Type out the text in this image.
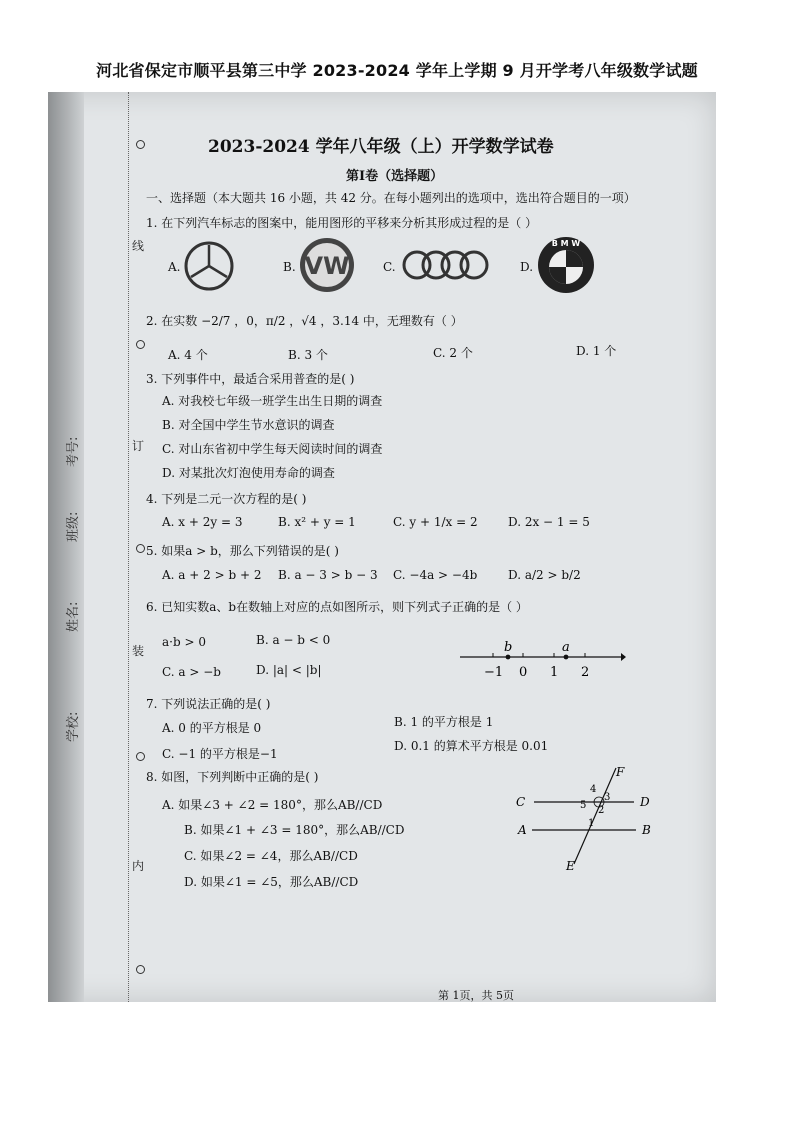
河北省保定市顺平县第三中学 2023-2024 学年上学期 9 月开学考八年级数学试题
线
订
装
内
学校:
姓名:
班级:
考号:
2023-2024 学年八年级（上）开学数学试卷
第Ⅰ卷（选择题）
一、选择题（本大题共 16 小题，共 42 分。在每小题列出的选项中，选出符合题目的一项）
1. 在下列汽车标志的图案中，能用图形的平移来分析其形成过程的是（ ）
A.	B. VW	C.	D.
B M W
2. 在实数 −2/7 ，0，π/2 ，√4 ，3.14 中，无理数有（ ）
A. 4 个	B. 3 个	C. 2 个	D. 1 个
3. 下列事件中，最适合采用普查的是( )
A. 对我校七年级一班学生出生日期的调查
B. 对全国中学生节水意识的调查
C. 对山东省初中学生每天阅读时间的调查
D. 对某批次灯泡使用寿命的调查
4. 下列是二元一次方程的是( )
A. x + 2y = 3	B. x² + y = 1	C. y + 1/x = 2	D. 2x − 1 = 5
5. 如果a > b，那么下列错误的是( )
A. a + 2 > b + 2 B. a − 3 > b − 3 C. −4a > −4b	D. a/2 > b/2
6. 已知实数a、b在数轴上对应的点如图所示，则下列式子正确的是（ ）
a·b > 0	B. a − b < 0
C. a > −b	D. |a| < |b|
b	a
−1 0 1 2
7. 下列说法正确的是( )
A. 0 的平方根是 0	B. 1 的平方根是 1
C. −1 的平方根是−1
D. 0.1 的算术平方根是 0.01
8. 如图，下列判断中正确的是( )
A. 如果∠3 + ∠2 = 180°，那么AB//CD
B. 如果∠1 + ∠3 = 180°，那么AB//CD
C. 如果∠2 = ∠4，那么AB//CD
D. 如果∠1 = ∠5，那么AB//CD
C	D
A	B
F
E
1
2
3
4
5
第 1页，共 5页
